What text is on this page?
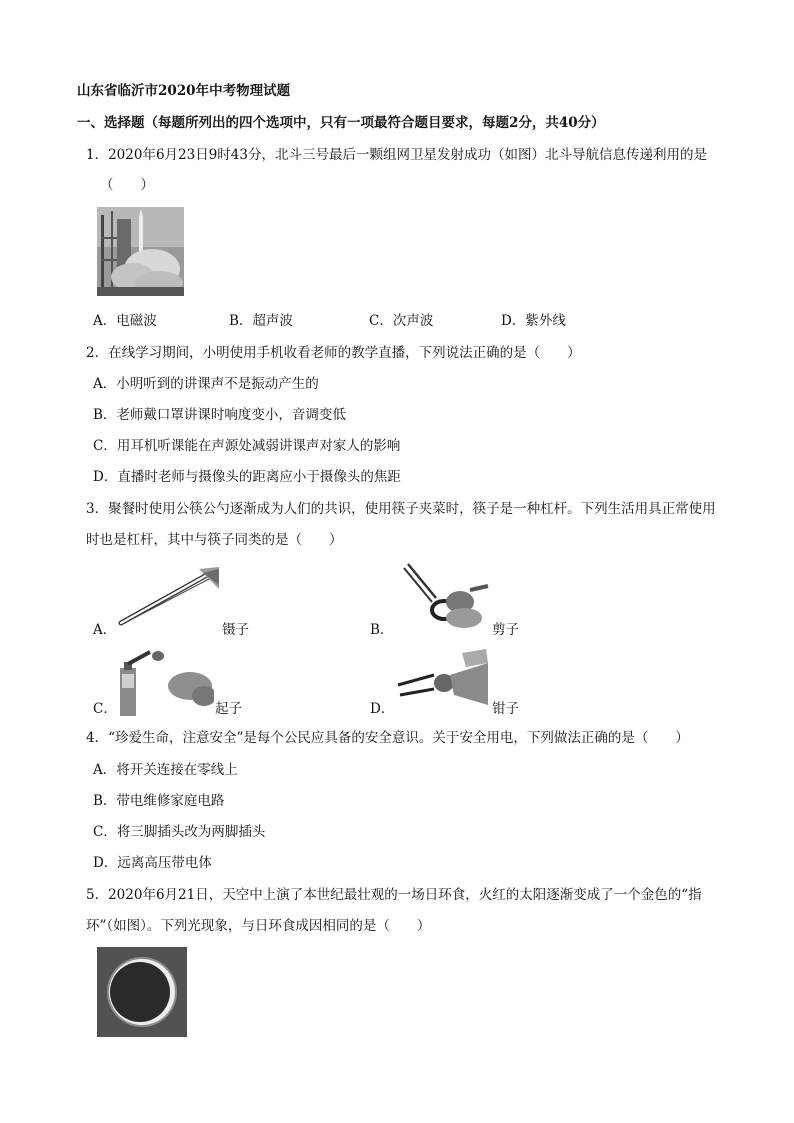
山东省临沂市2020年中考物理试题
一、选择题（每题所列出的四个选项中，只有一项最符合题目要求，每题2分，共40分）
1．2020年6月23日9时43分，北斗三号最后一颗组网卫星发射成功（如图）北斗导航信息传递利用的是
（　　）
A．电磁波	B．超声波	C．次声波	D．紫外线
2．在线学习期间，小明使用手机收看老师的教学直播，下列说法正确的是（　　）
A．小明听到的讲课声不是振动产生的
B．老师戴口罩讲课时响度变小，音调变低
C．用耳机听课能在声源处减弱讲课声对家人的影响
D．直播时老师与摄像头的距离应小于摄像头的焦距
3．聚餐时使用公筷公勺逐渐成为人们的共识，使用筷子夹菜时，筷子是一种杠杆。下列生活用具正常使用
时也是杠杆，其中与筷子同类的是（　　）
A．	镊子	B．	剪子
C．	起子	D．	钳子
4．“珍爱生命，注意安全”是每个公民应具备的安全意识。关于安全用电，下列做法正确的是（　　）
A．将开关连接在零线上
B．带电维修家庭电路
C．将三脚插头改为两脚插头
D．远离高压带电体
5．2020年6月21日，天空中上演了本世纪最壮观的一场日环食，火红的太阳逐渐变成了一个金色的“指
环”（如图）。下列光现象，与日环食成因相同的是（　　）
